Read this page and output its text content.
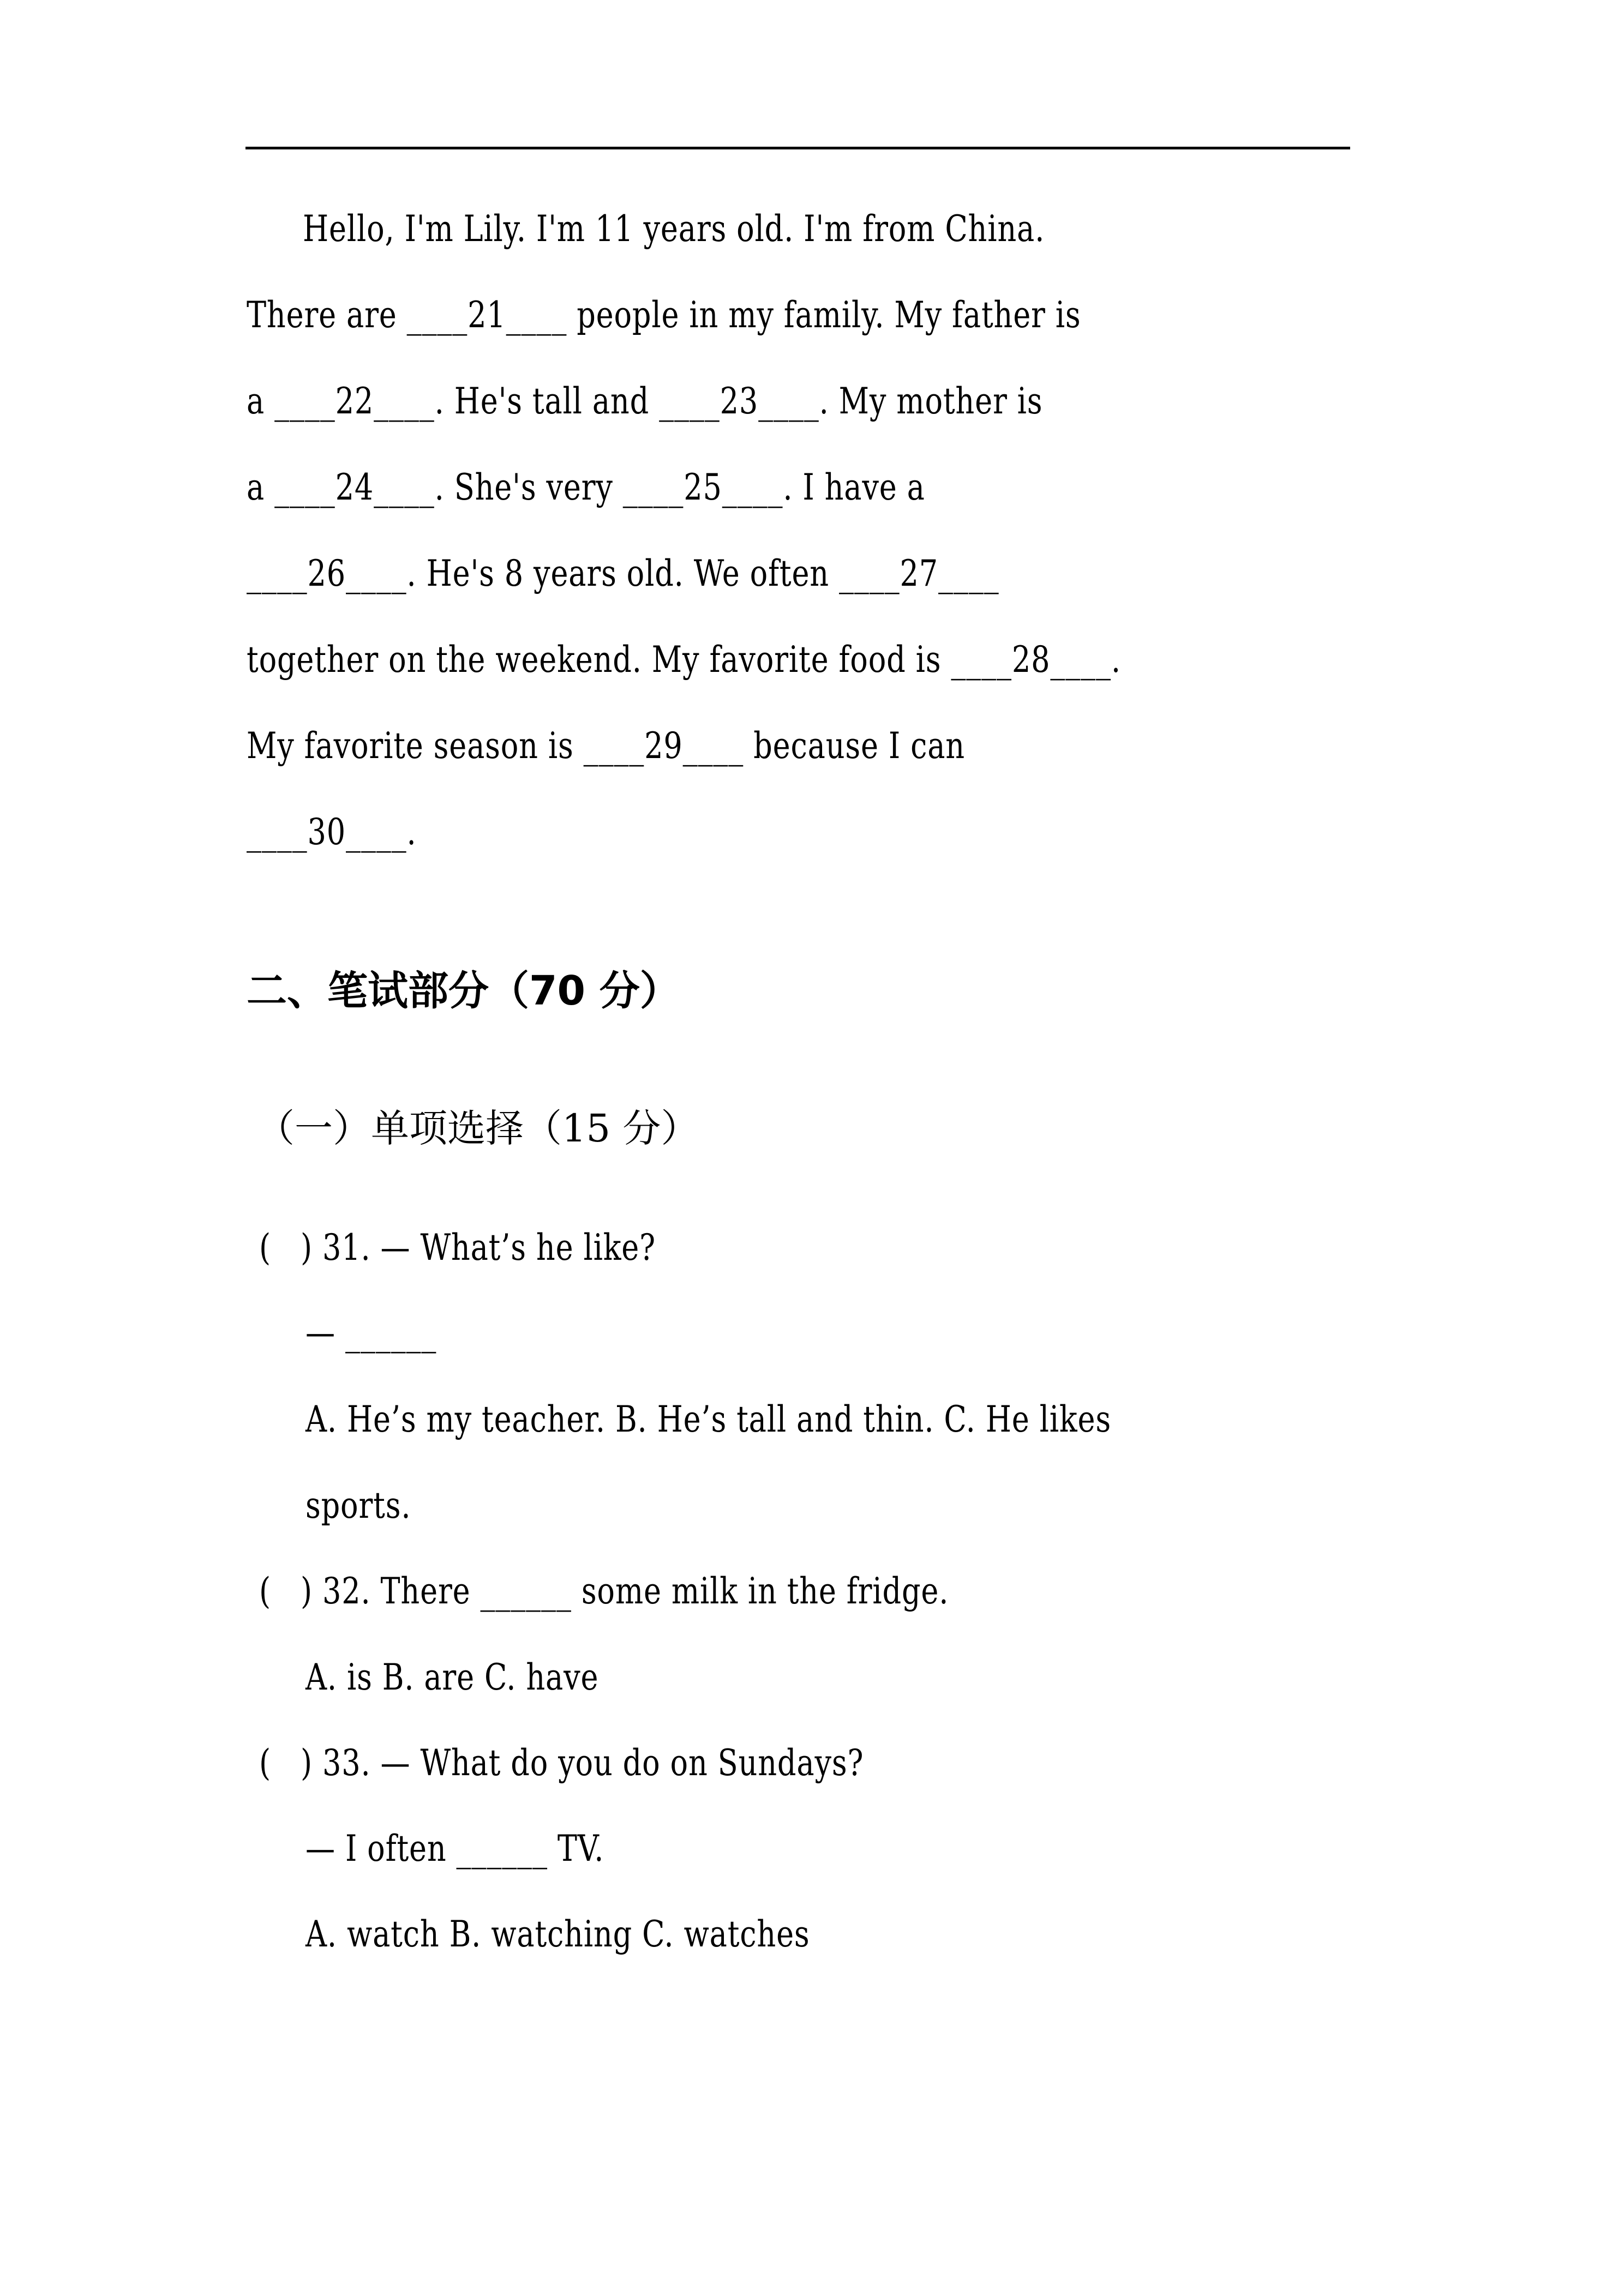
Hello, I'm Lily. I'm 11 years old. I'm from China.
There are ____21____ people in my family. My father is
a ____22____. He's tall and ____23____. My mother is
a ____24____. She's very ____25____. I have a
____26____. He's 8 years old. We often ____27____
together on the weekend. My favorite food is ____28____.
My favorite season is ____29____ because I can
____30____.
二、笔试部分（70 分）
（一）单项选择（15 分）
(   ) 31. — What’s he like?
— ______
A. He’s my teacher. B. He’s tall and thin. C. He likes
sports.
(   ) 32. There ______ some milk in the fridge.
A. is B. are C. have
(   ) 33. — What do you do on Sundays?
— I often ______ TV.
A. watch B. watching C. watches
